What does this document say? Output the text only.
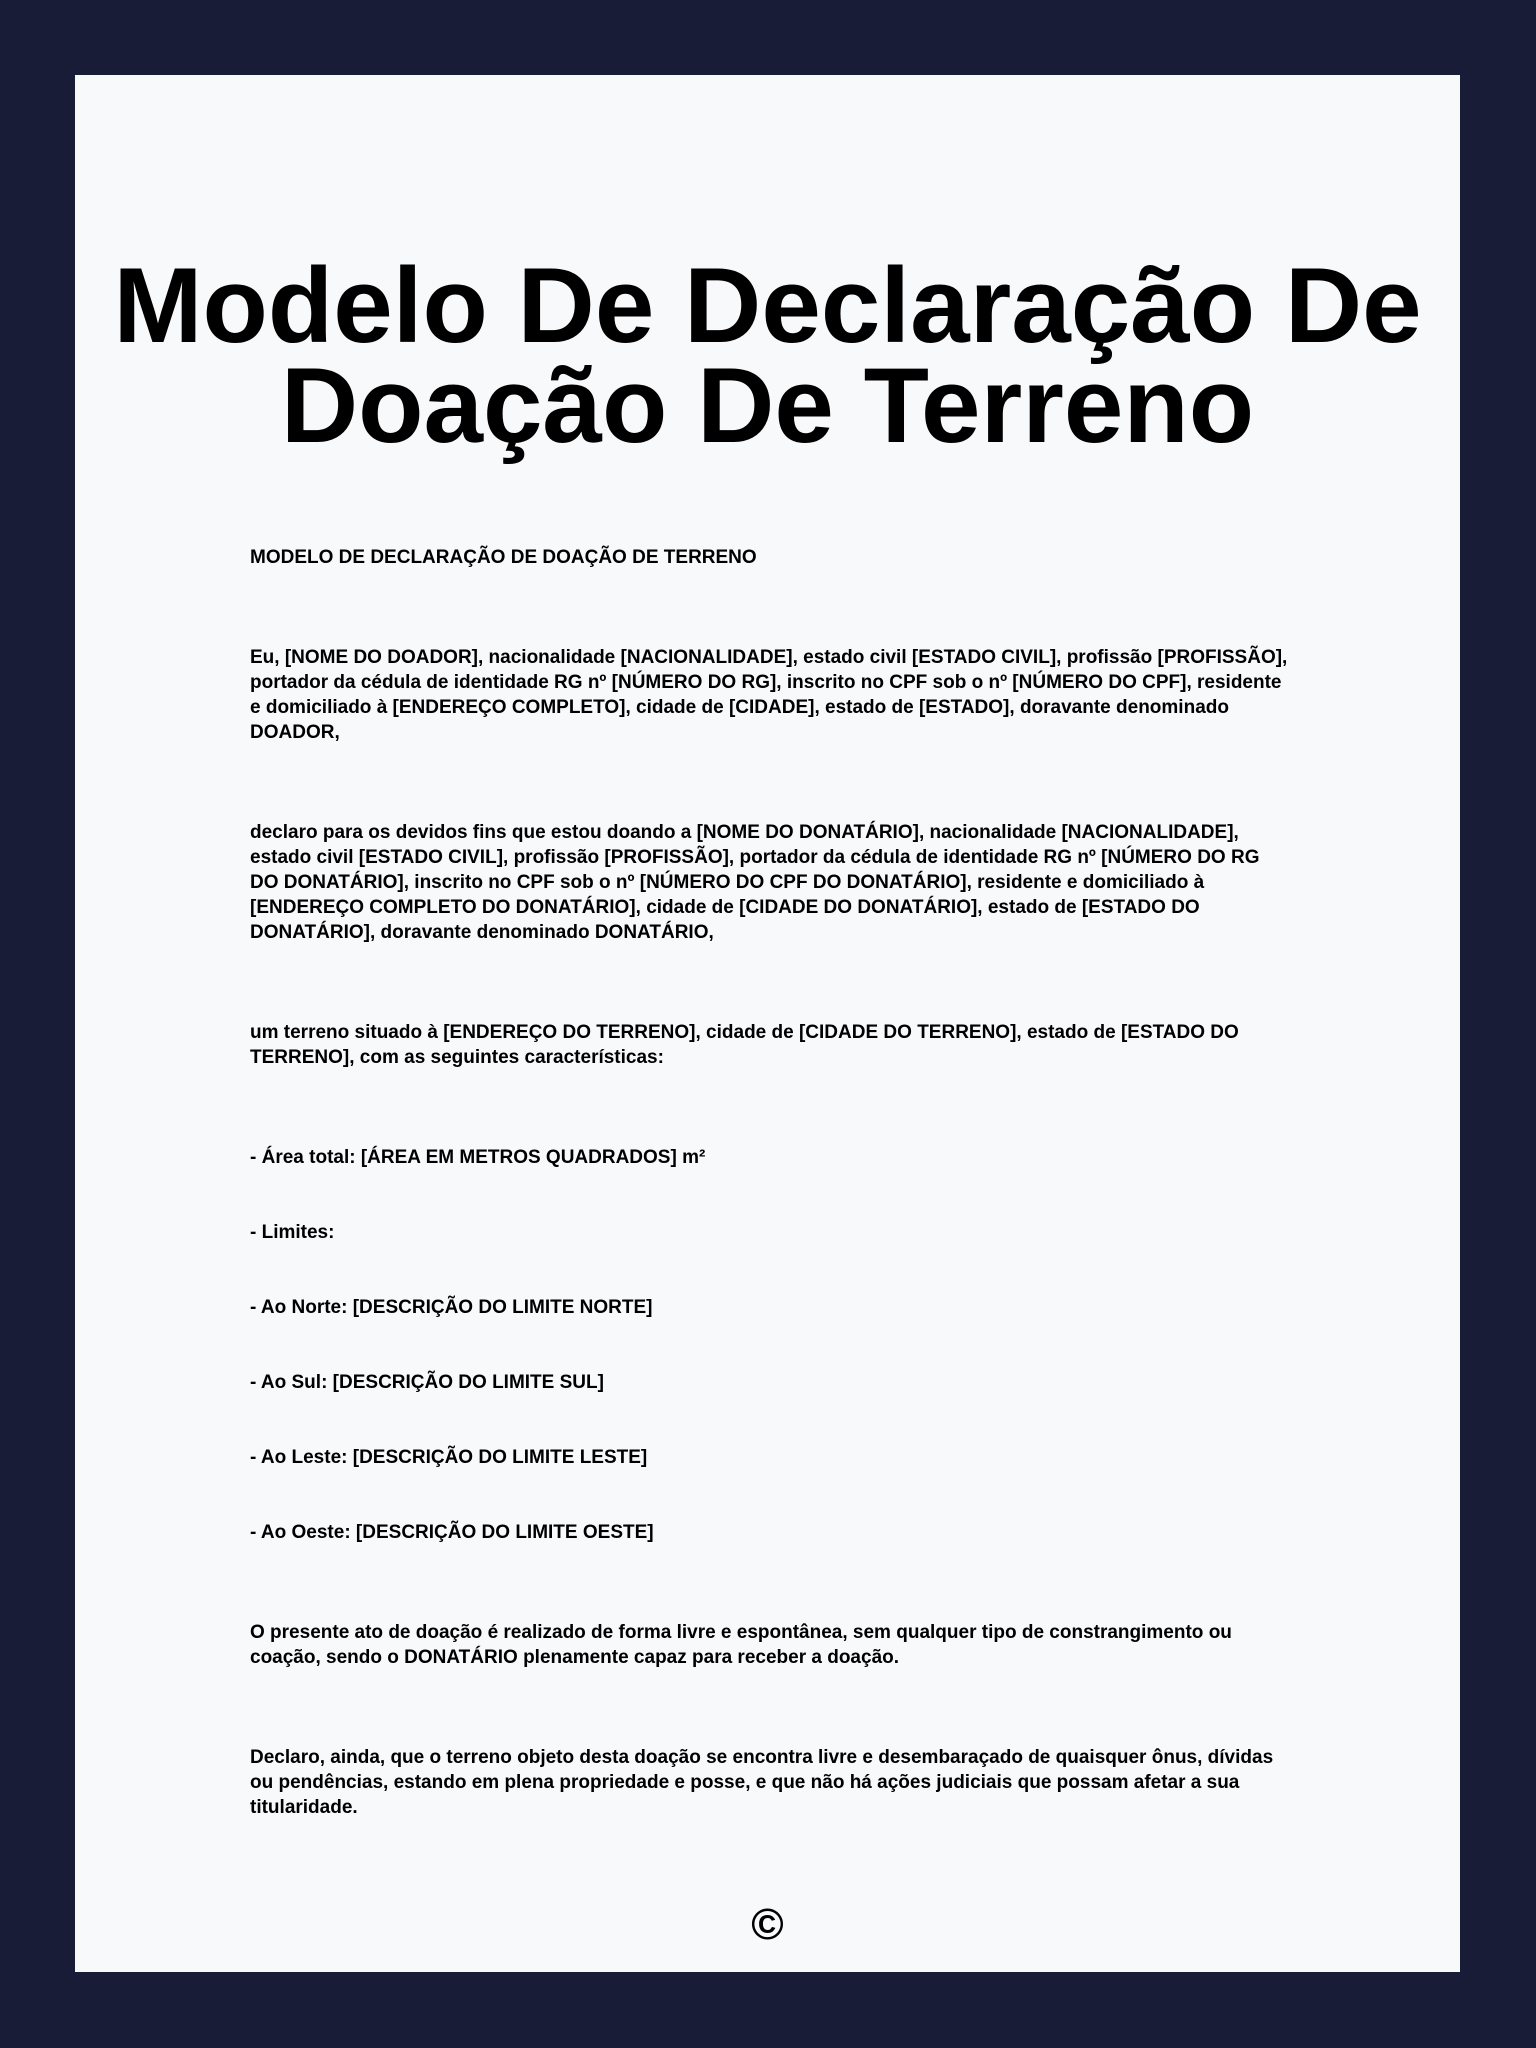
Modelo De Declaração De Doação De Terreno

MODELO DE DECLARAÇÃO DE DOAÇÃO DE TERRENO

Eu, [NOME DO DOADOR], nacionalidade [NACIONALIDADE], estado civil [ESTADO CIVIL], profissão [PROFISSÃO], portador da cédula de identidade RG nº [NÚMERO DO RG], inscrito no CPF sob o nº [NÚMERO DO CPF], residente e domiciliado à [ENDEREÇO COMPLETO], cidade de [CIDADE], estado de [ESTADO], doravante denominado DOADOR,

declaro para os devidos fins que estou doando a [NOME DO DONATÁRIO], nacionalidade [NACIONALIDADE], estado civil [ESTADO CIVIL], profissão [PROFISSÃO], portador da cédula de identidade RG nº [NÚMERO DO RG DO DONATÁRIO], inscrito no CPF sob o nº [NÚMERO DO CPF DO DONATÁRIO], residente e domiciliado à [ENDEREÇO COMPLETO DO DONATÁRIO], cidade de [CIDADE DO DONATÁRIO], estado de [ESTADO DO DONATÁRIO], doravante denominado DONATÁRIO,

um terreno situado à [ENDEREÇO DO TERRENO], cidade de [CIDADE DO TERRENO], estado de [ESTADO DO TERRENO], com as seguintes características:

- Área total: [ÁREA EM METROS QUADRADOS] m²

- Limites:

- Ao Norte: [DESCRIÇÃO DO LIMITE NORTE]

- Ao Sul: [DESCRIÇÃO DO LIMITE SUL]

- Ao Leste: [DESCRIÇÃO DO LIMITE LESTE]

- Ao Oeste: [DESCRIÇÃO DO LIMITE OESTE]

O presente ato de doação é realizado de forma livre e espontânea, sem qualquer tipo de constrangimento ou coação, sendo o DONATÁRIO plenamente capaz para receber a doação.

Declaro, ainda, que o terreno objeto desta doação se encontra livre e desembaraçado de quaisquer ônus, dívidas ou pendências, estando em plena propriedade e posse, e que não há ações judiciais que possam afetar a sua titularidade.

©
